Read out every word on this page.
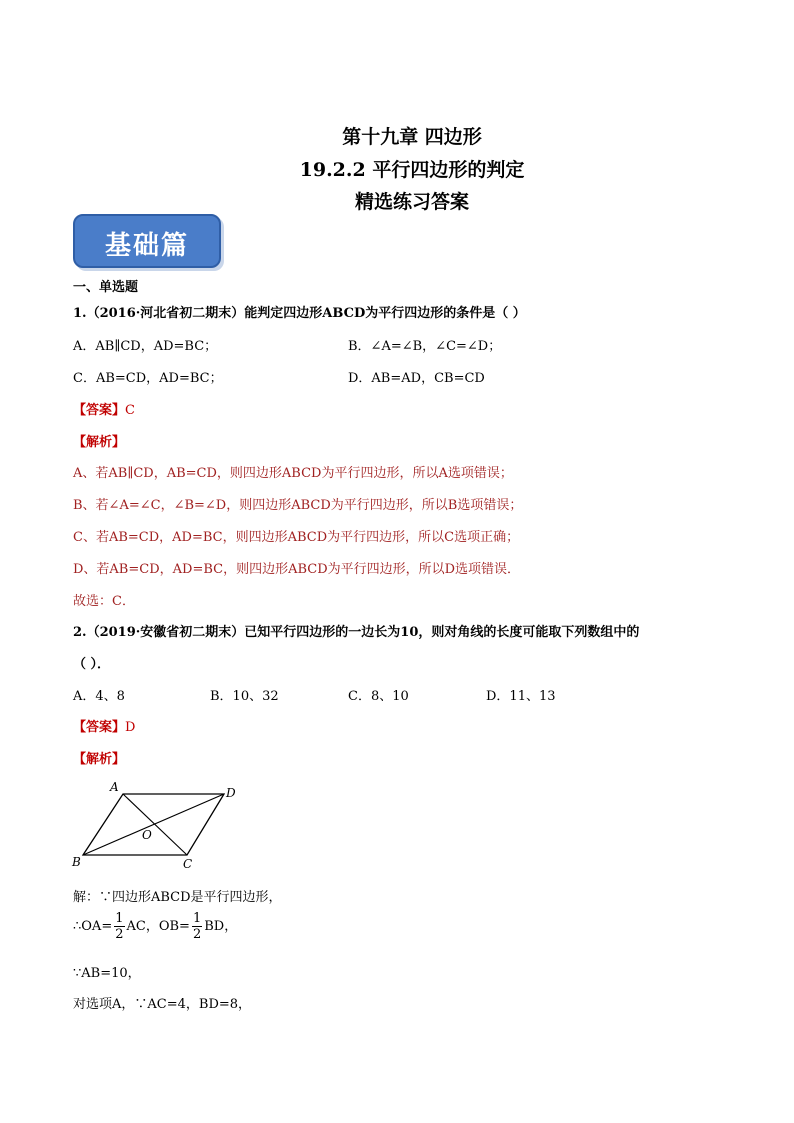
第十九章 四边形
19.2.2 平行四边形的判定
精选练习答案
基础篇
一、单选题
1.（2016·河北省初二期末）能判定四边形ABCD为平行四边形的条件是（ ）
A．AB∥CD，AD=BC；	B．∠A=∠B，∠C=∠D；
C．AB=CD，AD=BC；	D．AB=AD，CB=CD
【答案】C
【解析】
A、若AB∥CD，AB=CD，则四边形ABCD为平行四边形，所以A选项错误；
B、若∠A=∠C，∠B=∠D，则四边形ABCD为平行四边形，所以B选项错误；
C、若AB=CD，AD=BC，则四边形ABCD为平行四边形，所以C选项正确；
D、若AB=CD，AD=BC，则四边形ABCD为平行四边形，所以D选项错误．
故选：C．
2.（2019·安徽省初二期末）已知平行四边形的一边长为10，则对角线的长度可能取下列数组中的
（ ）．
A．4、8	B．10、32	C．8、10	D．11、13
【答案】D
【解析】
A	D
O
B	C
解：∵四边形ABCD是平行四边形，
∴OA= $\frac{1}{2}$ AC，$OB= \frac{1}{2}$ BD，
∵AB=10，
对选项A，∵AC=4，BD=8，
